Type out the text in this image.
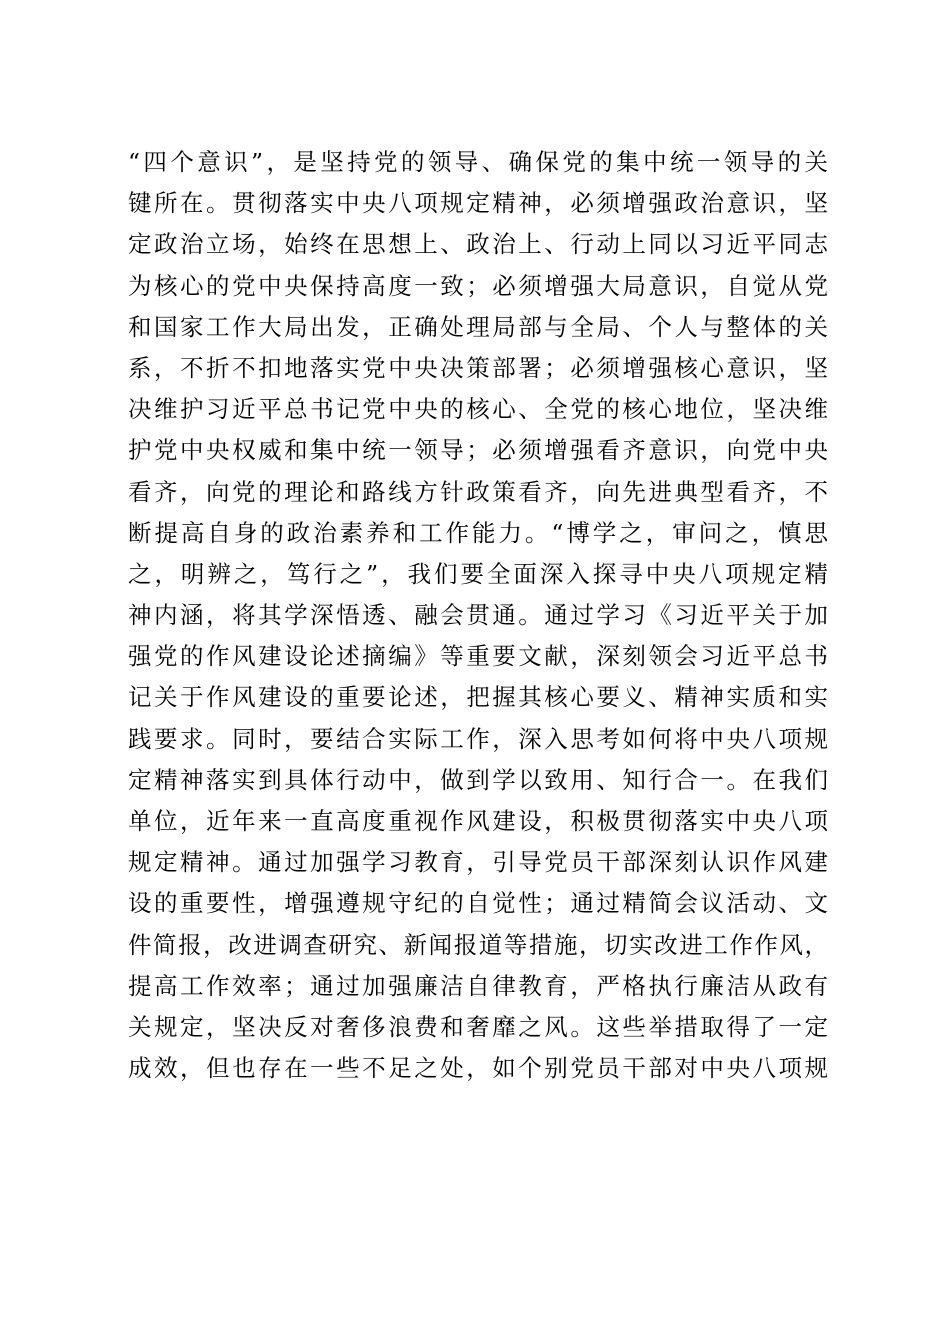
“四个意识”，是坚持党的领导、确保党的集中统一领导的关
键所在。贯彻落实中央八项规定精神，必须增强政治意识，坚
定政治立场，始终在思想上、政治上、行动上同以习近平同志
为核心的党中央保持高度一致；必须增强大局意识，自觉从党
和国家工作大局出发，正确处理局部与全局、个人与整体的关
系，不折不扣地落实党中央决策部署；必须增强核心意识，坚
决维护习近平总书记党中央的核心、全党的核心地位，坚决维
护党中央权威和集中统一领导；必须增强看齐意识，向党中央
看齐，向党的理论和路线方针政策看齐，向先进典型看齐，不
断提高自身的政治素养和工作能力。“博学之，审问之，慎思
之，明辨之，笃行之”，我们要全面深入探寻中央八项规定精
神内涵，将其学深悟透、融会贯通。通过学习《习近平关于加
强党的作风建设论述摘编》等重要文献，深刻领会习近平总书
记关于作风建设的重要论述，把握其核心要义、精神实质和实
践要求。同时，要结合实际工作，深入思考如何将中央八项规
定精神落实到具体行动中，做到学以致用、知行合一。在我们
单位，近年来一直高度重视作风建设，积极贯彻落实中央八项
规定精神。通过加强学习教育，引导党员干部深刻认识作风建
设的重要性，增强遵规守纪的自觉性；通过精简会议活动、文
件简报，改进调查研究、新闻报道等措施，切实改进工作作风，
提高工作效率；通过加强廉洁自律教育，严格执行廉洁从政有
关规定，坚决反对奢侈浪费和奢靡之风。这些举措取得了一定
成效，但也存在一些不足之处，如个别党员干部对中央八项规
